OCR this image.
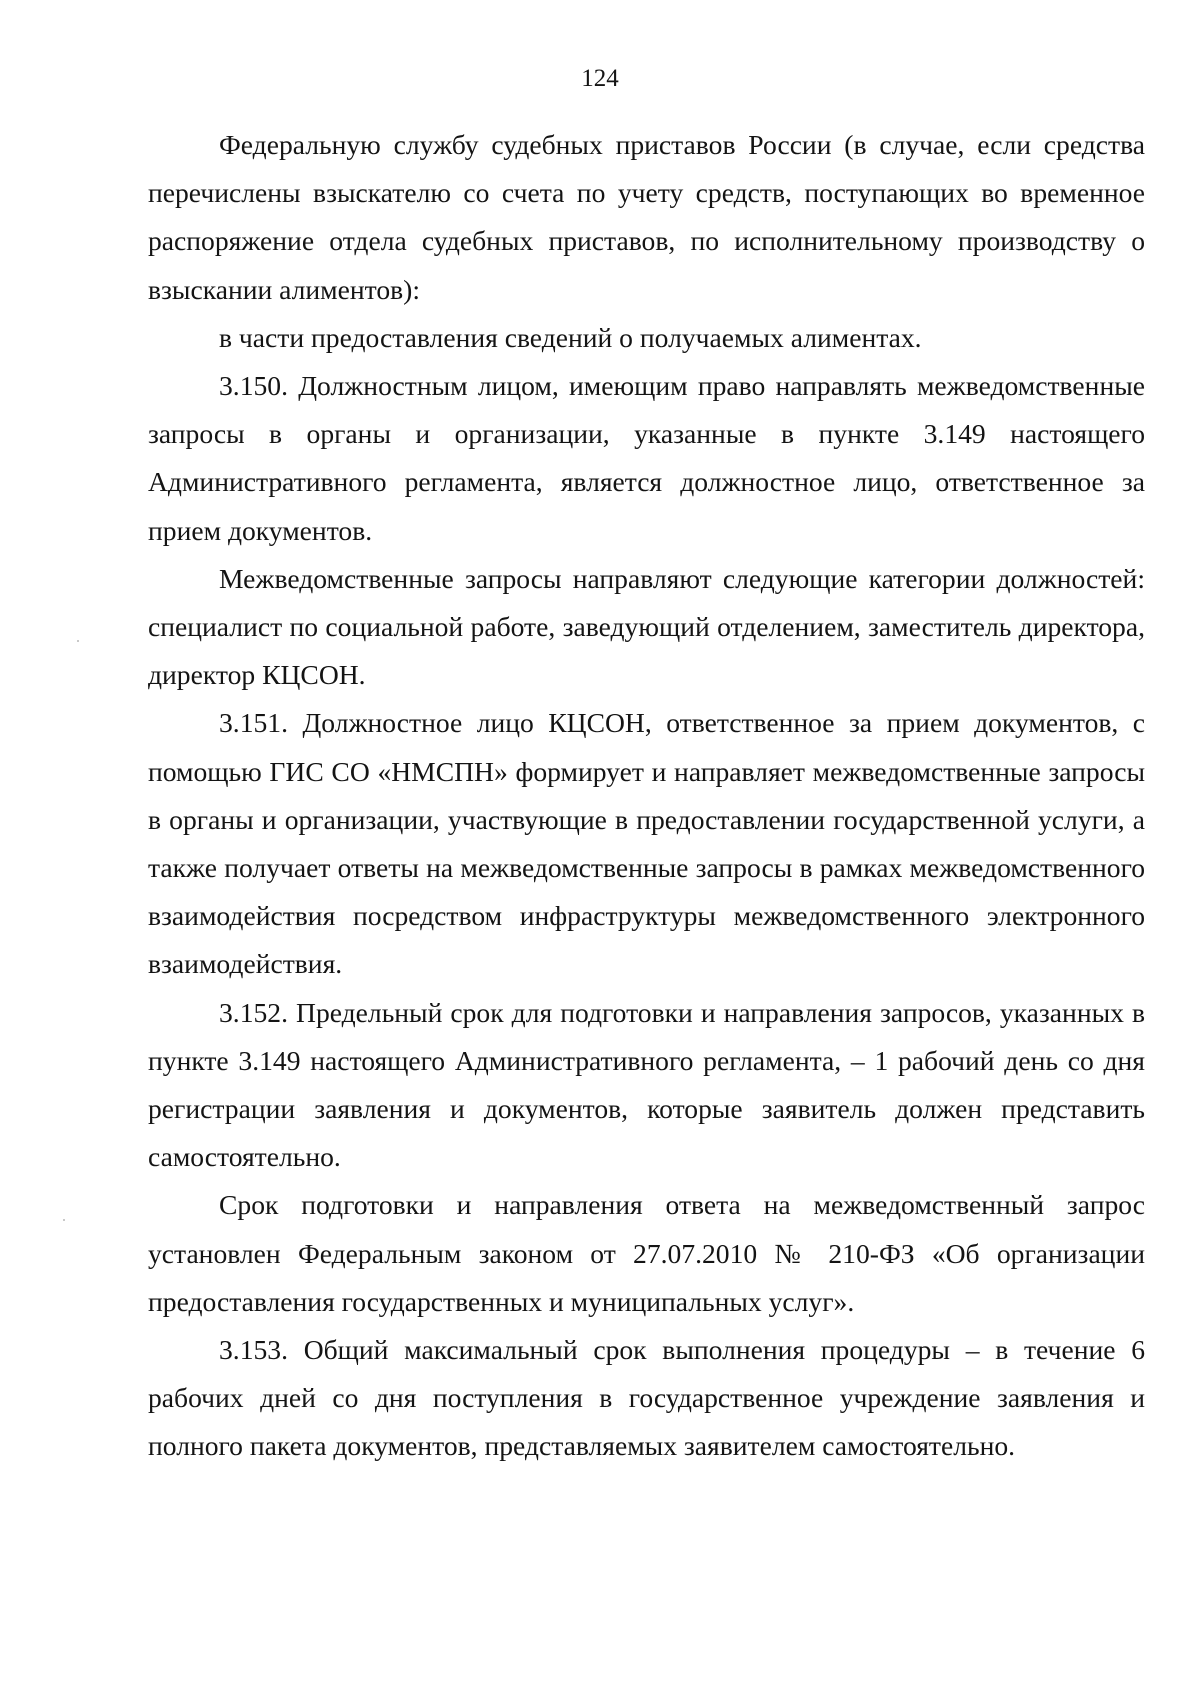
124

Федеральную службу судебных приставов России (в случае, если средства перечислены взыскателю со счета по учету средств, поступающих во временное распоряжение отдела судебных приставов, по исполнительному производству о взыскании алиментов):

в части предоставления сведений о получаемых алиментах.

3.150. Должностным лицом, имеющим право направлять межведомственные запросы в органы и организации, указанные в пункте 3.149 настоящего Административного регламента, является должностное лицо, ответственное за прием документов.

Межведомственные запросы направляют следующие категории должностей: специалист по социальной работе, заведующий отделением, заместитель директора, директор КЦСОН.

3.151. Должностное лицо КЦСОН, ответственное за прием документов, с помощью ГИС СО «НМСПН» формирует и направляет межведомственные запросы в органы и организации, участвующие в предоставлении государственной услуги, а также получает ответы на межведомственные запросы в рамках межведомственного взаимодействия посредством инфраструктуры межведомственного электронного взаимодействия.

3.152. Предельный срок для подготовки и направления запросов, указанных в пункте 3.149 настоящего Административного регламента, – 1 рабочий день со дня регистрации заявления и документов, которые заявитель должен представить самостоятельно.

Срок подготовки и направления ответа на межведомственный запрос установлен Федеральным законом от 27.07.2010 № 210-ФЗ «Об организации предоставления государственных и муниципальных услуг».

3.153. Общий максимальный срок выполнения процедуры – в течение 6 рабочих дней со дня поступления в государственное учреждение заявления и полного пакета документов, представляемых заявителем самостоятельно.
